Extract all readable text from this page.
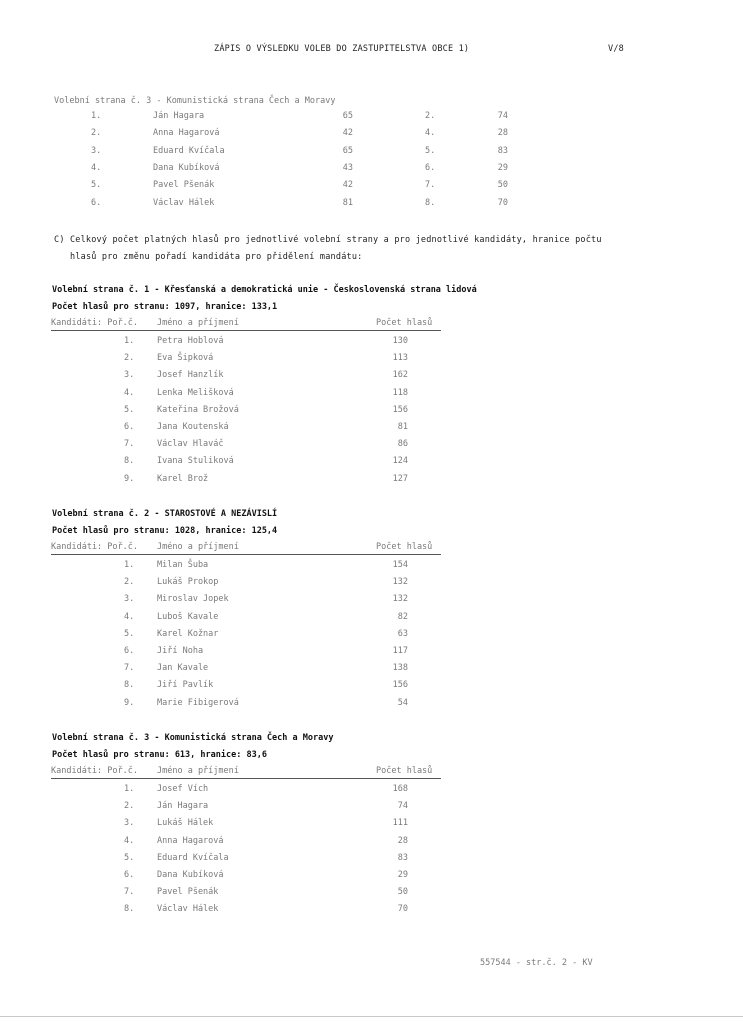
ZÁPIS O VÝSLEDKU VOLEB DO ZASTUPITELSTVA OBCE 1)	V/8
Volební strana č. 3 - Komunistická strana Čech a Moravy
1.	Ján Hagara	65	2.	74
2.	Anna Hagarová	42	4.	28
3.	Eduard Kvíčala	65	5.	83
4.	Dana Kubíková	43	6.	29
5.	Pavel Pšenák	42	7.	50
6.	Václav Hálek	81	8.	70
C) Celkový počet platných hlasů pro jednotlivé volební strany a pro jednotlivé kandidáty, hranice počtu
hlasů pro změnu pořadí kandidáta pro přidělení mandátu:
Volební strana č. 1 - Křesťanská a demokratická unie - Československá strana lidová
Počet hlasů pro stranu: 1097, hranice: 133,1
Kandidáti: Poř.č. Jméno a příjmení	Počet hlasů
1.	Petra Hoblová	130
2.	Eva Šipková	113
3.	Josef Hanzlík	162
4.	Lenka Melišková	118
5.	Kateřina Brožová	156
6.	Jana Koutenská	81
7.	Václav Hlaváč	86
8.	Ivana Stuliková	124
9.	Karel Brož	127
Volební strana č. 2 - STAROSTOVÉ A NEZÁVISLÍ
Počet hlasů pro stranu: 1028, hranice: 125,4
Kandidáti: Poř.č. Jméno a příjmení	Počet hlasů
1.	Milan Šuba	154
2.	Lukáš Prokop	132
3.	Miroslav Jopek	132
4.	Luboš Kavale	82
5.	Karel Kožnar	63
6.	Jiří Noha	117
7.	Jan Kavale	138
8.	Jiří Pavlík	156
9.	Marie Fibigerová	54
Volební strana č. 3 - Komunistická strana Čech a Moravy
Počet hlasů pro stranu: 613, hranice: 83,6
Kandidáti: Poř.č. Jméno a příjmení	Počet hlasů
1.	Josef Vích	168
2.	Ján Hagara	74
3.	Lukáš Hálek	111
4.	Anna Hagarová	28
5.	Eduard Kvíčala	83
6.	Dana Kubíková	29
7.	Pavel Pšenák	50
8.	Václav Hálek	70
557544 - str.č. 2 - KV
